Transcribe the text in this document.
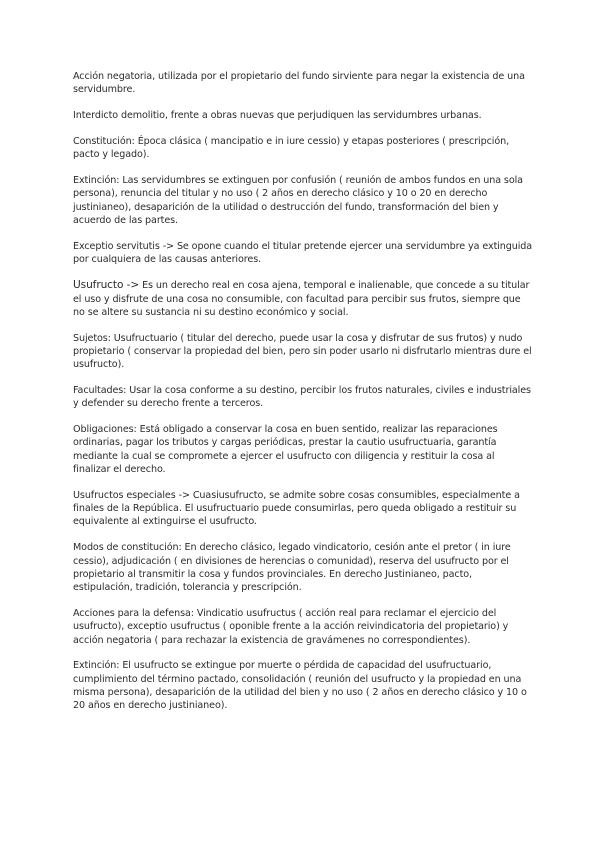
Acción negatoria, utilizada por el propietario del fundo sirviente para negar la existencia de una servidumbre.

Interdicto demolitio, frente a obras nuevas que perjudiquen las servidumbres urbanas.

Constitución: Época clásica ( mancipatio e in iure cessio) y etapas posteriores ( prescripción, pacto y legado).

Extinción: Las servidumbres se extinguen por confusión ( reunión de ambos fundos en una sola persona), renuncia del titular y no uso ( 2 años en derecho clásico y 10 o 20 en derecho justinianeo), desaparición de la utilidad o destrucción del fundo, transformación del bien y acuerdo de las partes.

Exceptio servitutis -> Se opone cuando el titular pretende ejercer una servidumbre ya extinguida por cualquiera de las causas anteriores.

Usufructo -> Es un derecho real en cosa ajena, temporal e inalienable, que concede a su titular el uso y disfrute de una cosa no consumible, con facultad para percibir sus frutos, siempre que no se altere su sustancia ni su destino económico y social.

Sujetos: Usufructuario ( titular del derecho, puede usar la cosa y disfrutar de sus frutos) y nudo propietario ( conservar la propiedad del bien, pero sin poder usarlo ni disfrutarlo mientras dure el usufructo).

Facultades: Usar la cosa conforme a su destino, percibir los frutos naturales, civiles e industriales y defender su derecho frente a terceros.

Obligaciones: Está obligado a conservar la cosa en buen sentido, realizar las reparaciones ordinarias, pagar los tributos y cargas periódicas, prestar la cautio usufructuaria, garantía mediante la cual se compromete a ejercer el usufructo con diligencia y restituir la cosa al finalizar el derecho.

Usufructos especiales -> Cuasiusufructo, se admite sobre cosas consumibles, especialmente a finales de la República. El usufructuario puede consumirlas, pero queda obligado a restituir su equivalente al extinguirse el usufructo.

Modos de constitución: En derecho clásico, legado vindicatorio, cesión ante el pretor ( in iure cessio), adjudicación ( en divisiones de herencias o comunidad), reserva del usufructo por el propietario al transmitir la cosa y fundos provinciales. En derecho Justinianeo, pacto, estipulación, tradición, tolerancia y prescripción.

Acciones para la defensa: Vindicatio usufructus ( acción real para reclamar el ejercicio del usufructo), exceptio usufructus ( oponible frente a la acción reivindicatoria del propietario) y acción negatoria ( para rechazar la existencia de gravámenes no correspondientes).

Extinción: El usufructo se extingue por muerte o pérdida de capacidad del usufructuario, cumplimiento del término pactado, consolidación ( reunión del usufructo y la propiedad en una misma persona), desaparición de la utilidad del bien y no uso ( 2 años en derecho clásico y 10 o 20 años en derecho justinianeo).
